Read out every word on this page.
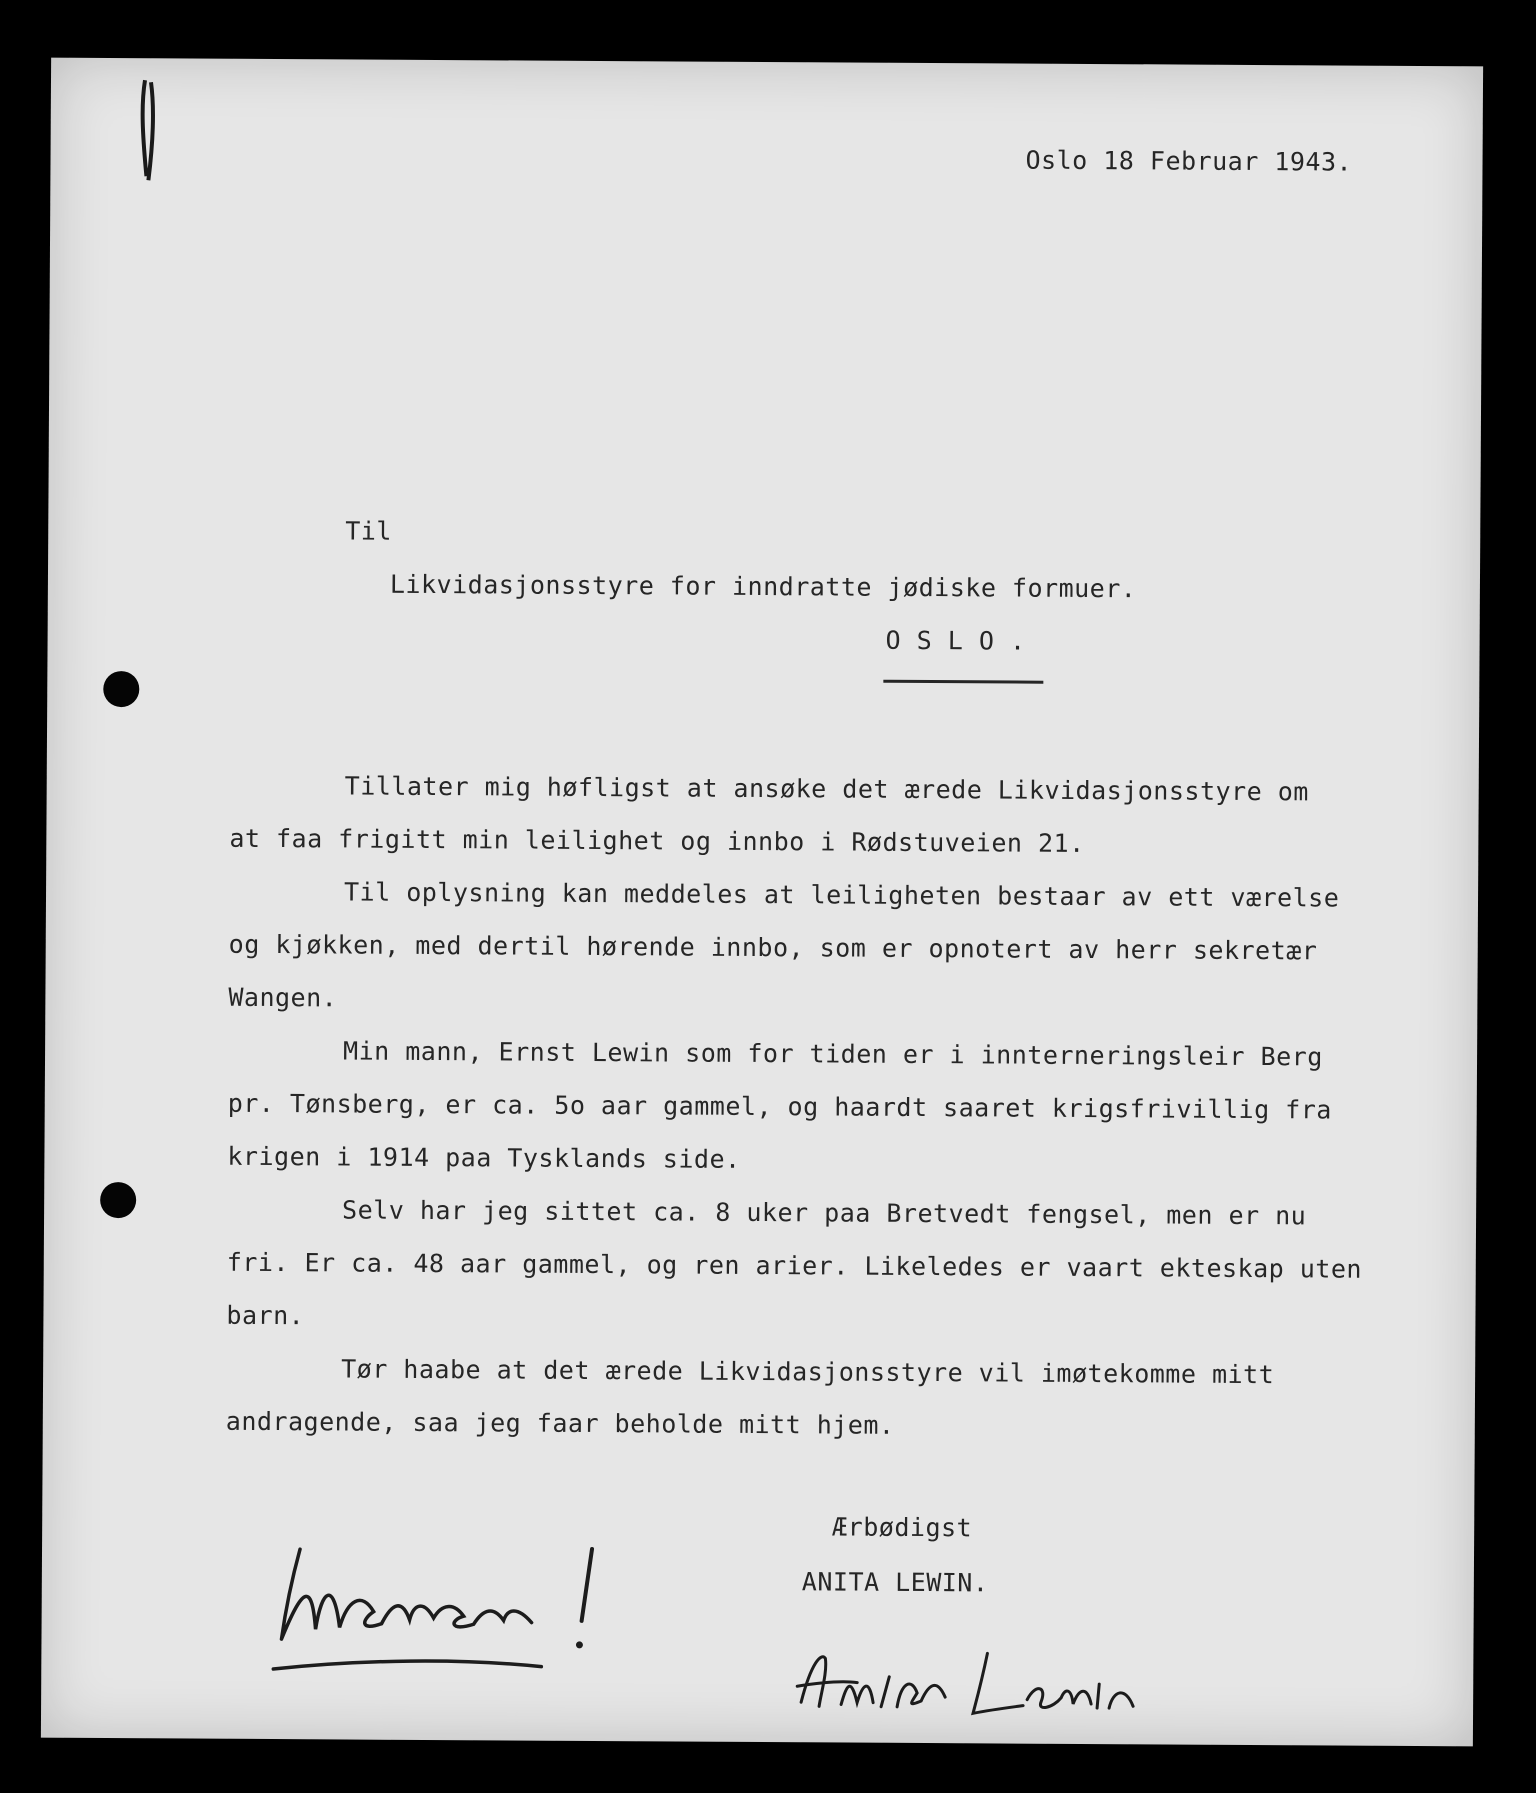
Oslo 18 Februar 1943.
Til
Likvidasjonsstyre for inndratte jødiske formuer.
O S L O .
Tillater mig høfligst at ansøke det ærede Likvidasjonsstyre om
at faa frigitt min leilighet og innbo i Rødstuveien 21.
Til oplysning kan meddeles at leiligheten bestaar av ett værelse
og kjøkken, med dertil hørende innbo, som er opnotert av herr sekretær
Wangen.
Min mann, Ernst Lewin som for tiden er i innterneringsleir Berg
pr. Tønsberg, er ca. 5o aar gammel, og haardt saaret krigsfrivillig fra
krigen i 1914 paa Tysklands side.
Selv har jeg sittet ca. 8 uker paa Bretvedt fengsel, men er nu
fri. Er ca. 48 aar gammel, og ren arier. Likeledes er vaart ekteskap uten
barn.
Tør haabe at det ærede Likvidasjonsstyre vil imøtekomme mitt
andragende, saa jeg faar beholde mitt hjem.
Ærbødigst
ANITA LEWIN.
